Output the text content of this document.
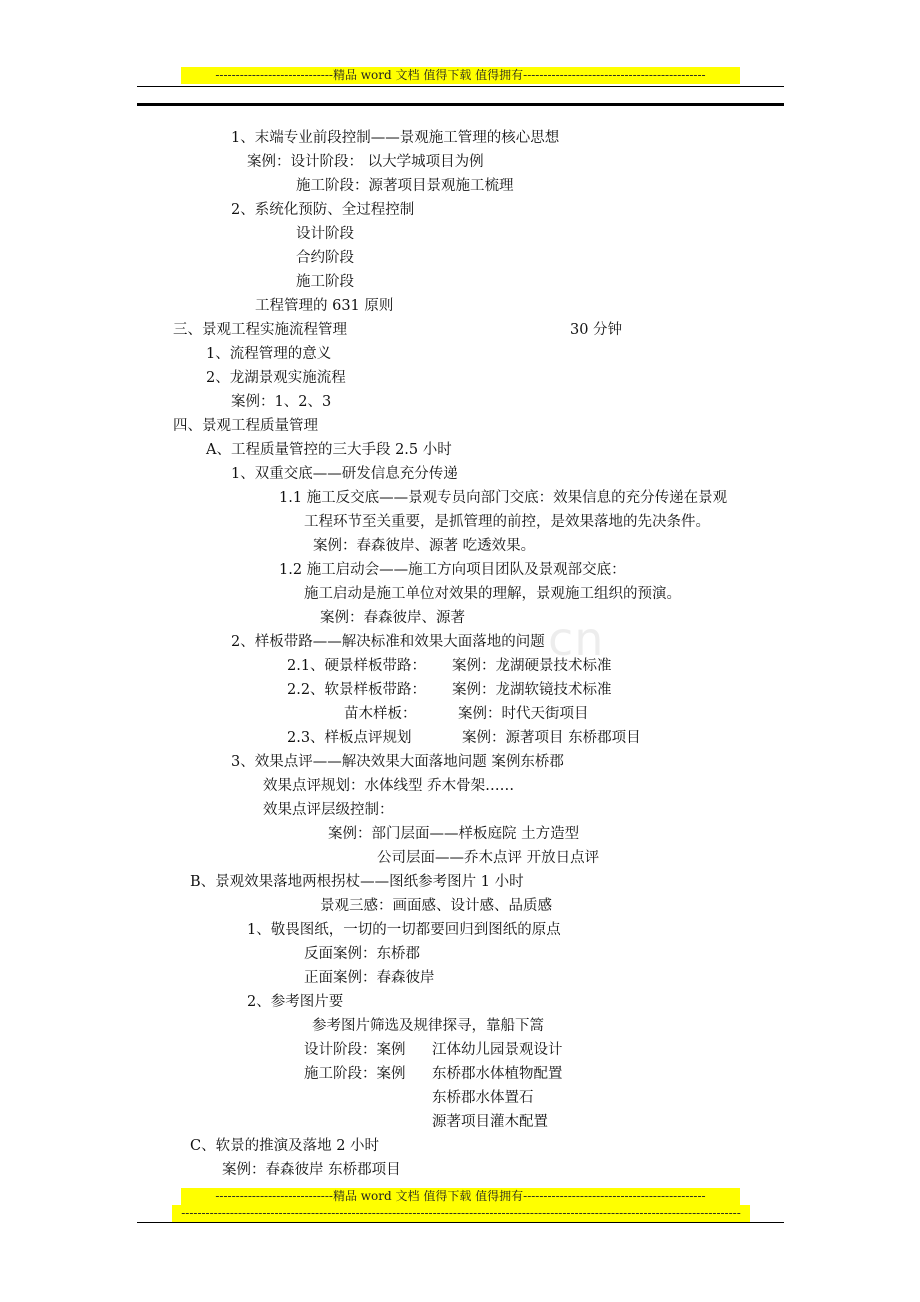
-----------------------------精品 word 文档 值得下载 值得拥有---------------------------------------------
cn
1、末端专业前段控制——景观施工管理的核心思想
案例：设计阶段： 以大学城项目为例
施工阶段：源著项目景观施工梳理
2、系统化预防、全过程控制
设计阶段
合约阶段
施工阶段
工程管理的 631 原则
三、景观工程实施流程管理	30 分钟
1、流程管理的意义
2、龙湖景观实施流程
案例：1、2、3
四、景观工程质量管理
A、工程质量管控的三大手段 2.5 小时
1、双重交底——研发信息充分传递
1.1 施工反交底——景观专员向部门交底：效果信息的充分传递在景观
工程环节至关重要，是抓管理的前控，是效果落地的先决条件。
案例：春森彼岸、源著 吃透效果。
1.2 施工启动会——施工方向项目团队及景观部交底：
施工启动是施工单位对效果的理解，景观施工组织的预演。
案例：春森彼岸、源著
2、样板带路——解决标准和效果大面落地的问题
2.1、硬景样板带路： 案例：龙湖硬景技术标准
2.2、软景样板带路： 案例：龙湖软镜技术标准
苗木样板：	案例：时代天街项目
2.3、样板点评规划	案例：源著项目 东桥郡项目
3、效果点评——解决效果大面落地问题 案例东桥郡
效果点评规划：水体线型 乔木骨架……
效果点评层级控制：
案例：部门层面——样板庭院 土方造型
公司层面——乔木点评 开放日点评
B、景观效果落地两根拐杖——图纸参考图片 1 小时
景观三感：画面感、设计感、品质感
1、敬畏图纸，一切的一切都要回归到图纸的原点
反面案例：东桥郡
正面案例：春森彼岸
2、参考图片要
参考图片筛选及规律探寻，靠船下篙
设计阶段：案例 江体幼儿园景观设计
施工阶段：案例 东桥郡水体植物配置
东桥郡水体置石
源著项目灌木配置
C、软景的推演及落地 2 小时
案例：春森彼岸 东桥郡项目
-----------------------------精品 word 文档 值得下载 值得拥有---------------------------------------------
------------------------------------------------------------------------------------------------------------------------------------------
